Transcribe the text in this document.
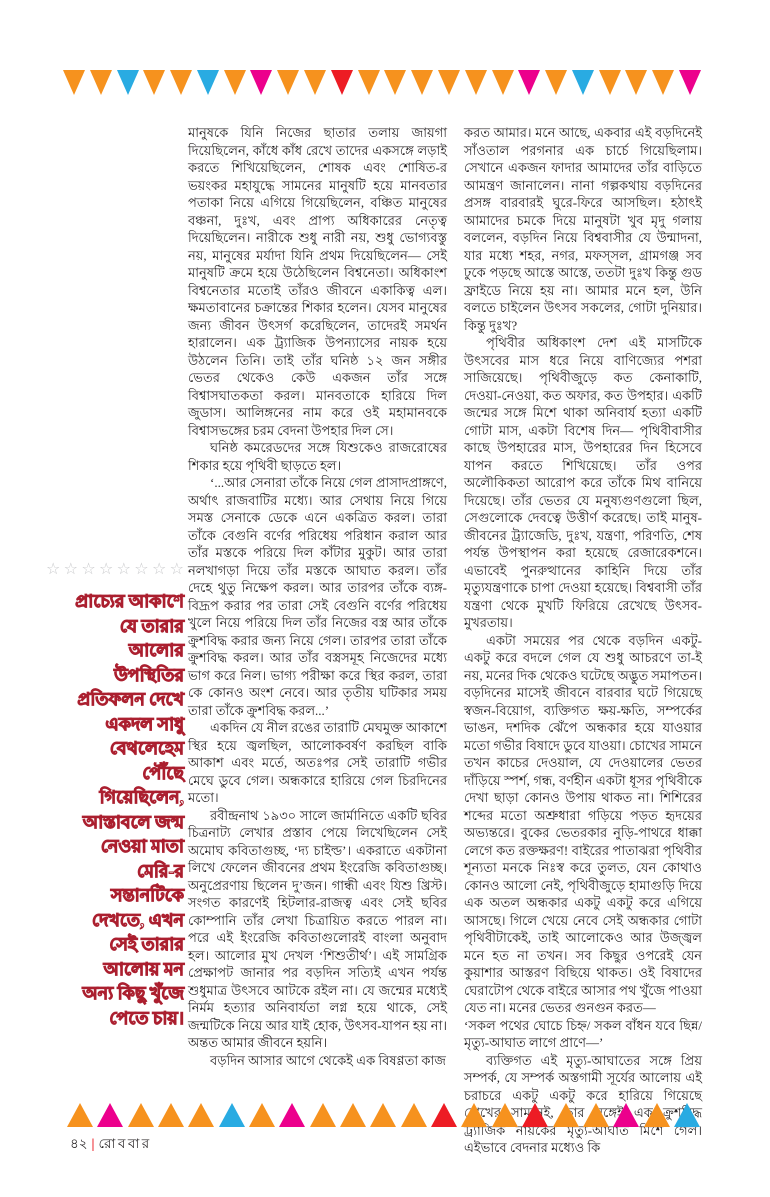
☆ ☆ ☆ ☆ ☆ ☆ ☆ ☆
প্রাচ্যের আকাশে
যে তারার
আলোর
উপস্থিতির
প্রতিফলন দেখে
একদল সাধু
বেথলেহেম
পৌঁছে
গিয়েছিলেন,
আস্তাবলে জন্ম
নেওয়া মাতা
মেরি-র
সন্তানটিকে
দেখতে, এখন
সেই তারার
আলোয় মন
অন্য কিছু খুঁজে
পেতে চায়।

মানুষকে যিনি নিজের ছাতার তলায় জায়গা দিয়েছিলেন, কাঁধে কাঁধ রেখে তাদের একসঙ্গে লড়াই করতে শিখিয়েছিলেন, শোষক এবং শোষিত-র ভয়ংকর মহাযুদ্ধে সামনের মানুষটি হয়ে মানবতার পতাকা নিয়ে এগিয়ে গিয়েছিলেন, বঞ্চিত মানুষের বঞ্চনা, দুঃখ, এবং প্রাপ্য অধিকারের নেতৃত্ব দিয়েছিলেন। নারীকে শুধু নারী নয়, শুধু ভোগ্যবস্তু নয়, মানুষের মর্যাদা যিনি প্রথম দিয়েছিলেন— সেই মানুষটি ক্রমে হয়ে উঠেছিলেন বিশ্বনেতা। অধিকাংশ বিশ্বনেতার মতোই তাঁরও জীবনে একাকিত্ব এল। ক্ষমতাবানের চক্রান্তের শিকার হলেন। যেসব মানুষের জন্য জীবন উৎসর্গ করেছিলেন, তাদেরই সমর্থন হারালেন। এক ট্র্যাজিক উপন্যাসের নায়ক হয়ে উঠলেন তিনি। তাই তাঁর ঘনিষ্ঠ ১২ জন সঙ্গীর ভেতর থেকেও কেউ একজন তাঁর সঙ্গে বিশ্বাসঘাতকতা করল। মানবতাকে হারিয়ে দিল জুডাস। আলিঙ্গনের নাম করে ওই মহামানবকে বিশ্বাসভঙ্গের চরম বেদনা উপহার দিল সে।

ঘনিষ্ঠ কমরেডদের সঙ্গে যিশুকেও রাজরোষের শিকার হয়ে পৃথিবী ছাড়তে হল।

‘...আর সেনারা তাঁকে নিয়ে গেল প্রাসাদপ্রাঙ্গণে, অর্থাৎ রাজবাটির মধ্যে। আর সেথায় নিয়ে গিয়ে সমস্ত সেনাকে ডেকে এনে একত্রিত করল। তারা তাঁকে বেগুনি বর্ণের পরিধেয় পরিধান করাল আর তাঁর মস্তকে পরিয়ে দিল কাঁটার মুকুট। আর তারা নলখাগড়া দিয়ে তাঁর মস্তকে আঘাত করল। তাঁর দেহে থুতু নিক্ষেপ করল। আর তারপর তাঁকে ব্যঙ্গ-বিদ্রূপ করার পর তারা সেই বেগুনি বর্ণের পরিধেয় খুলে নিয়ে পরিয়ে দিল তাঁর নিজের বস্ত্র আর তাঁকে ক্রুশবিদ্ধ করার জন্য নিয়ে গেল। তারপর তারা তাঁকে ক্রুশবিদ্ধ করল। আর তাঁর বস্ত্রসমূহ নিজেদের মধ্যে ভাগ করে নিল। ভাগ্য পরীক্ষা করে স্থির করল, তারা কে কোনও অংশ নেবে। আর তৃতীয় ঘটিকার সময় তারা তাঁকে ক্রুশবিদ্ধ করল...’

একদিন যে নীল রঙের তারাটি মেঘমুক্ত আকাশে স্থির হয়ে জ্বলছিল, আলোকবর্ষণ করছিল বাকি আকাশ এবং মর্তে, অতঃপর সেই তারাটি গভীর মেঘে ডুবে গেল। অন্ধকারে হারিয়ে গেল চিরদিনের মতো।

রবীন্দ্রনাথ ১৯৩০ সালে জার্মানিতে একটি ছবির চিত্রনাট্য লেখার প্রস্তাব পেয়ে লিখেছিলেন সেই অমোঘ কবিতাগুচ্ছ, ‘দ্য চাইল্ড’। একরাতে একটানা লিখে ফেলেন জীবনের প্রথম ইংরেজি কবিতাগুচ্ছ। অনুপ্রেরণায় ছিলেন দু’জন। গান্ধী এবং যিশু খ্রিস্ট। সংগত কারণেই হিটলার-রাজত্ব এবং সেই ছবির কোম্পানি তাঁর লেখা চিত্রায়িত করতে পারল না। পরে এই ইংরেজি কবিতাগুলোরই বাংলা অনুবাদ হল। আলোর মুখ দেখল ‘শিশুতীর্থ’। এই সামগ্রিক প্রেক্ষাপট জানার পর বড়দিন সত্যিই এখন পর্যন্ত শুধুমাত্র উৎসবে আটকে রইল না। যে জন্মের মধ্যেই নির্মম হত্যার অনিবার্যতা লগ্ন হয়ে থাকে, সেই জন্মটিকে নিয়ে আর যাই হোক, উৎসব-যাপন হয় না। অন্তত আমার জীবনে হয়নি।

বড়দিন আসার আগে থেকেই এক বিষণ্ণতা কাজ

করত আমার। মনে আছে, একবার এই বড়দিনেই সাঁওতাল পরগনার এক চার্চে গিয়েছিলাম। সেখানে একজন ফাদার আমাদের তাঁর বাড়িতে আমন্ত্রণ জানালেন। নানা গল্পকথায় বড়দিনের প্রসঙ্গ বারবারই ঘুরে-ফিরে আসছিল। হঠাৎই আমাদের চমকে দিয়ে মানুষটা খুব মৃদু গলায় বললেন, বড়দিন নিয়ে বিশ্ববাসীর যে উন্মাদনা, যার মধ্যে শহর, নগর, মফস্সল, গ্রামগঞ্জ সব ঢুকে পড়ছে আস্তে আস্তে, ততটা দুঃখ কিন্তু গুড ফ্রাইডে নিয়ে হয় না। আমার মনে হল, উনি বলতে চাইলেন উৎসব সকলের, গোটা দুনিয়ার। কিন্তু দুঃখ?

পৃথিবীর অধিকাংশ দেশ এই মাসটিকে উৎসবের মাস ধরে নিয়ে বাণিজ্যের পশরা সাজিয়েছে। পৃথিবীজুড়ে কত কেনাকাটি, দেওয়া-নেওয়া, কত অফার, কত উপহার। একটি জন্মের সঙ্গে মিশে থাকা অনিবার্য হত্যা একটি গোটা মাস, একটা বিশেষ দিন— পৃথিবীবাসীর কাছে উপহারের মাস, উপহারের দিন হিসেবে যাপন করতে শিখিয়েছে। তাঁর ওপর অলৌকিকতা আরোপ করে তাঁকে মিথ বানিয়ে দিয়েছে। তাঁর ভেতর যে মনুষ্যগুণগুলো ছিল, সেগুলোকে দেবত্বে উত্তীর্ণ করেছে। তাই মানুষ-জীবনের ট্র্যাজেডি, দুঃখ, যন্ত্রণা, পরিণতি, শেষ পর্যন্ত উপস্থাপন করা হয়েছে রেজারেকশনে। এভাবেই পুনরুত্থানের কাহিনি দিয়ে তাঁর মৃত্যুযন্ত্রণাকে চাপা দেওয়া হয়েছে। বিশ্ববাসী তাঁর যন্ত্রণা থেকে মুখটি ফিরিয়ে রেখেছে উৎসব-মুখরতায়।

একটা সময়ের পর থেকে বড়দিন একটু-একটু করে বদলে গেল যে শুধু আচরণে তা-ই নয়, মনের দিক থেকেও ঘটেছে অদ্ভুত সমাপতন। বড়দিনের মাসেই জীবনে বারবার ঘটে গিয়েছে স্বজন-বিয়োগ, ব্যক্তিগত ক্ষয়-ক্ষতি, সম্পর্কের ভাঙন, দশদিক ঝেঁপে অন্ধকার হয়ে যাওয়ার মতো গভীর বিষাদে ডুবে যাওয়া। চোখের সামনে তখন কাচের দেওয়াল, যে দেওয়ালের ভেতর দাঁড়িয়ে স্পর্শ, গন্ধ, বর্ণহীন একটা ধূসর পৃথিবীকে দেখা ছাড়া কোনও উপায় থাকত না। শিশিরের শব্দের মতো অশ্রুধারা গড়িয়ে পড়ত হৃদয়ের অভ্যন্তরে। বুকের ভেতরকার নুড়ি-পাথরে ধাক্কা লেগে কত রক্তক্ষরণ! বাইরের পাতাঝরা পৃথিবীর শূন্যতা মনকে নিঃস্ব করে তুলত, যেন কোথাও কোনও আলো নেই, পৃথিবীজুড়ে হামাগুড়ি দিয়ে এক অতল অন্ধকার একটু একটু করে এগিয়ে আসছে। গিলে খেয়ে নেবে সেই অন্ধকার গোটা পৃথিবীটাকেই, তাই আলোকেও আর উজ্জ্বল মনে হত না তখন। সব কিছুর ওপরেই যেন কুয়াশার আস্তরণ বিছিয়ে থাকত। ওই বিষাদের ঘেরাটোপ থেকে বাইরে আসার পথ খুঁজে পাওয়া যেত না। মনের ভেতর গুনগুন করত—

‘সকল পথের ঘোচে চিহ্ন/ সকল বাঁধন যবে ছিন্ন/ মৃত্যু-আঘাত লাগে প্রাণে—’

ব্যক্তিগত এই মৃত্যু-আঘাতের সঙ্গে প্রিয় সম্পর্ক, যে সম্পর্ক অস্তগামী সূর্যের আলোয় এই চরাচরে একটু একটু করে হারিয়ে গিয়েছে চোখের সামনেই, তার সঙ্গেই এক ক্রুশবিদ্ধ ট্র্যাজিক নায়কের মৃত্যু-আঘাত মিশে গেল। এইভাবে বেদনার মধ্যেও কি

৪২ | রোববার
